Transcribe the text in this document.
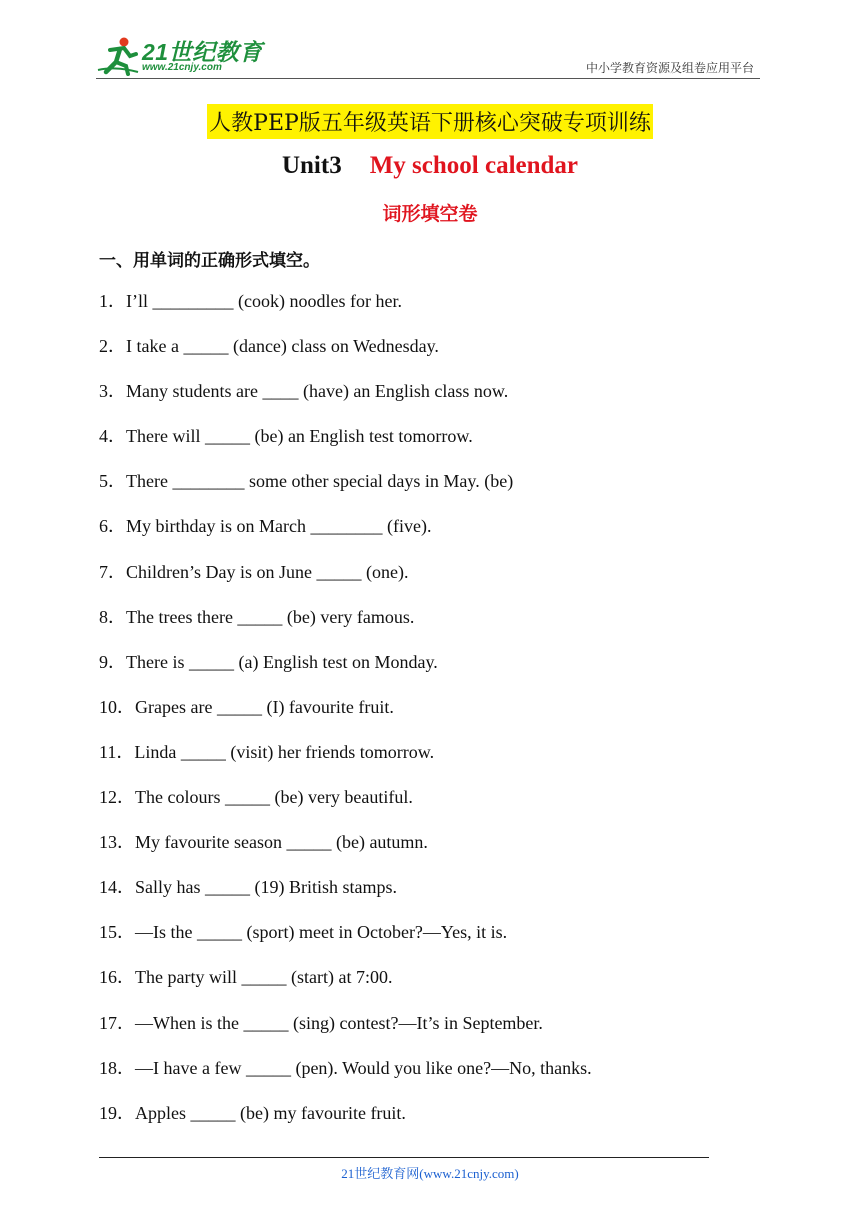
21世纪教育
www.21cnjy.com	中小学教育资源及组卷应用平台
人教PEP版五年级英语下册核心突破专项训练
Unit3 My school calendar
词形填空卷
一、用单词的正确形式填空。
1．I’ll _________ (cook) noodles for her.
2．I take a _____ (dance) class on Wednesday.
3．Many students are ____ (have) an English class now.
4．There will _____ (be) an English test tomorrow.
5．There ________ some other special days in May. (be)
6．My birthday is on March ________ (five).
7．Children’s Day is on June _____ (one).
8．The trees there _____ (be) very famous.
9．There is _____ (a) English test on Monday.
10．Grapes are _____ (I) favourite fruit.
11．Linda _____ (visit) her friends tomorrow.
12．The colours _____ (be) very beautiful.
13．My favourite season _____ (be) autumn.
14．Sally has _____ (19) British stamps.
15．—Is the _____ (sport) meet in October?—Yes, it is.
16．The party will _____ (start) at 7:00.
17．—When is the _____ (sing) contest?—It’s in September.
18．—I have a few _____ (pen). Would you like one?—No, thanks.
19．Apples _____ (be) my favourite fruit.
21世纪教育网(www.21cnjy.com)
